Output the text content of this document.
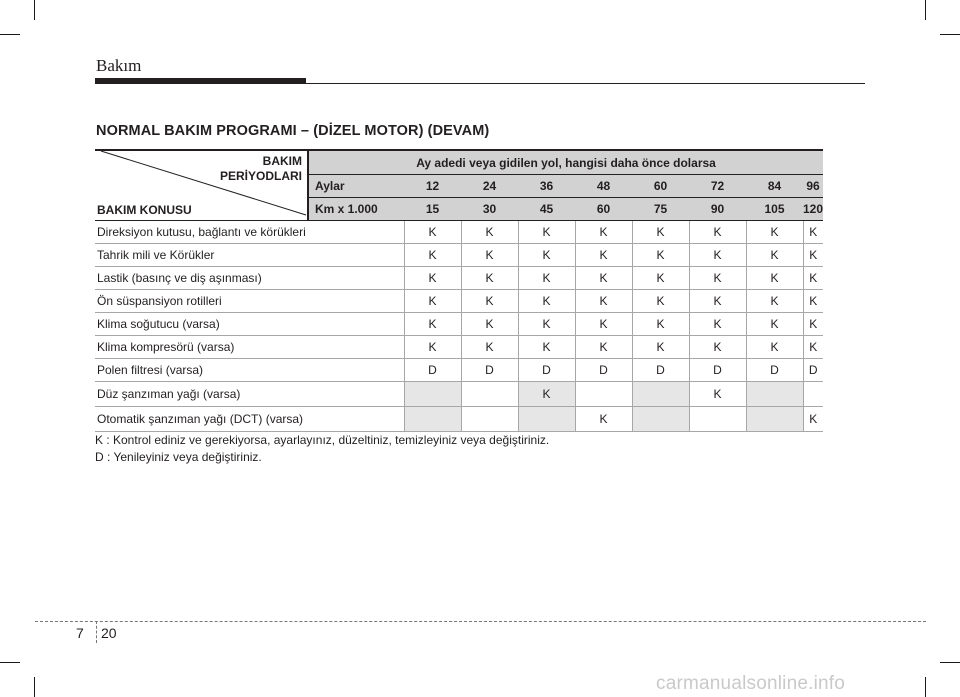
Bakım
NORMAL BAKIM PROGRAMI – (DİZEL MOTOR) (DEVAM)
BAKIM
PERİYODLARI
BAKIM KONUSU	Ay adedi veya gidilen yol, hangisi daha önce dolarsa								
	Aylar	12	24	36	48	60	72	84	96
	Km x 1.000	15	30	45	60	75	90	105	120
Direksiyon kutusu, bağlantı ve körükleri		K	K	K	K	K	K	K	K
Tahrik mili ve Körükler		K	K	K	K	K	K	K	K
Lastik (basınç ve diş aşınması)		K	K	K	K	K	K	K	K
Ön süspansiyon rotilleri		K	K	K	K	K	K	K	K
Klima soğutucu (varsa)		K	K	K	K	K	K	K	K
Klima kompresörü (varsa)		K	K	K	K	K	K	K	K
Polen filtresi (varsa)		D	D	D	D	D	D	D	D
Düz şanzıman yağı (varsa)				K			K		
Otomatik şanzıman yağı (DCT) (varsa)					K				K
K : Kontrol ediniz ve gerekiyorsa, ayarlayınız, düzeltiniz, temizleyiniz veya değiştiriniz.
D : Yenileyiniz veya değiştiriniz.
7 20
carmanualsonline.info
